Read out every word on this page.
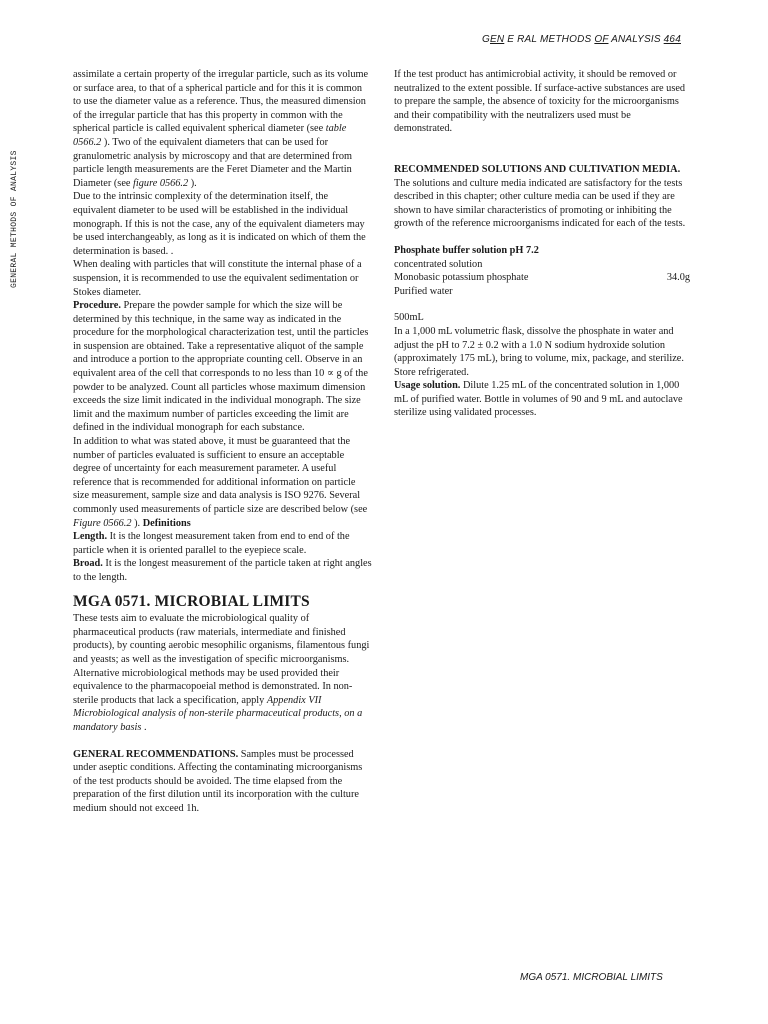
GEN E RAL METHODS OF ANALYSIS 464
GENERAL METHODS OF ANALYSIS

assimilate a certain property of the irregular particle, such as its volume or surface area, to that of a spherical particle and for this it is common to use the diameter value as a reference. Thus, the measured dimension of the irregular particle that has this property in common with the spherical particle is called equivalent spherical diameter (see table 0566.2 ). Two of the equivalent diameters that can be used for granulometric analysis by microscopy and that are determined from particle length measurements are the Feret Diameter and the Martin Diameter (see figure 0566.2 ).

Due to the intrinsic complexity of the determination itself, the equivalent diameter to be used will be established in the individual monograph. If this is not the case, any of the equivalent diameters may be used interchangeably, as long as it is indicated on which of them the determination is based. .

When dealing with particles that will constitute the internal phase of a suspension, it is recommended to use the equivalent sedimentation or Stokes diameter.

Procedure. Prepare the powder sample for which the size will be determined by this technique, in the same way as indicated in the procedure for the morphological characterization test, until the particles in suspension are obtained. Take a representative aliquot of the sample and introduce a portion to the appropriate counting cell. Observe in an equivalent area of the cell that corresponds to no less than 10 ∝ g of the powder to be analyzed. Count all particles whose maximum dimension exceeds the size limit indicated in the individual monograph. The size limit and the maximum number of particles exceeding the limit are defined in the individual monograph for each substance.

In addition to what was stated above, it must be guaranteed that the number of particles evaluated is sufficient to ensure an acceptable degree of uncertainty for each measurement parameter. A useful reference that is recommended for additional information on particle size measurement, sample size and data analysis is ISO 9276. Several commonly used measurements of particle size are described below (see Figure 0566.2 ). Definitions

Length. It is the longest measurement taken from end to end of the particle when it is oriented parallel to the eyepiece scale.

Broad. It is the longest measurement of the particle taken at right angles to the length.

MGA 0571. MICROBIAL LIMITS

These tests aim to evaluate the microbiological quality of pharmaceutical products (raw materials, intermediate and finished products), by counting aerobic mesophilic organisms, filamentous fungi and yeasts; as well as the investigation of specific microorganisms. Alternative microbiological methods may be used provided their equivalence to the pharmacopoeial method is demonstrated. In non-sterile products that lack a specification, apply Appendix VII Microbiological analysis of non-sterile pharmaceutical products, on a mandatory basis .

GENERAL RECOMMENDATIONS. Samples must be processed under aseptic conditions. Affecting the contaminating microorganisms of the test products should be avoided. The time elapsed from the preparation of the first dilution until its incorporation with the culture medium should not exceed 1h.

If the test product has antimicrobial activity, it should be removed or neutralized to the extent possible. If surface-active substances are used to prepare the sample, the absence of toxicity for the microorganisms and their compatibility with the neutralizers used must be demonstrated.

RECOMMENDED SOLUTIONS AND CULTIVATION MEDIA. The solutions and culture media indicated are satisfactory for the tests described in this chapter; other culture media can be used if they are shown to have similar characteristics of promoting or inhibiting the growth of the reference microorganisms indicated for each of the tests.

Phosphate buffer solution pH 7.2

concentrated solution

Monobasic potassium phosphate	34.0g

Purified water

500mL

In a 1,000 mL volumetric flask, dissolve the phosphate in water and adjust the pH to 7.2 ± 0.2 with a 1.0 N sodium hydroxide solution (approximately 175 mL), bring to volume, mix, package, and sterilize. Store refrigerated.

Usage solution. Dilute 1.25 mL of the concentrated solution in 1,000 mL of purified water. Bottle in volumes of 90 and 9 mL and autoclave sterilize using validated processes.

MGA 0571. MICROBIAL LIMITS
